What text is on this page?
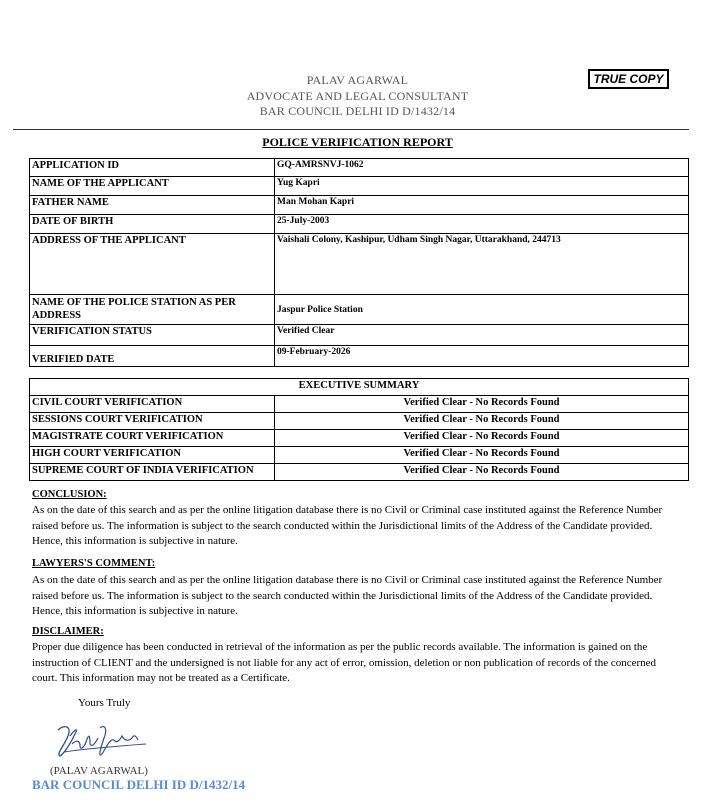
PALAV AGARWAL
ADVOCATE AND LEGAL CONSULTANT
BAR COUNCIL DELHI ID D/1432/14
TRUE COPY
POLICE VERIFICATION REPORT
APPLICATION ID	GQ-AMRSNVJ-1062
NAME OF THE APPLICANT	Yug Kapri
FATHER NAME	Man Mohan Kapri
DATE OF BIRTH	25-July-2003
ADDRESS OF THE APPLICANT	Vaishali Colony, Kashipur, Udham Singh Nagar, Uttarakhand, 244713
NAME OF THE POLICE STATION AS PER ADDRESS	Jaspur Police Station
VERIFICATION STATUS	Verified Clear
VERIFIED DATE	09-February-2026
EXECUTIVE SUMMARY	
CIVIL COURT VERIFICATION	Verified Clear - No Records Found
SESSIONS COURT VERIFICATION	Verified Clear - No Records Found
MAGISTRATE COURT VERIFICATION	Verified Clear - No Records Found
HIGH COURT VERIFICATION	Verified Clear - No Records Found
SUPREME COURT OF INDIA VERIFICATION	Verified Clear - No Records Found
CONCLUSION:
As on the date of this search and as per the online litigation database there is no Civil or Criminal case instituted against the Reference Number raised before us. The information is subject to the search conducted within the Jurisdictional limits of the Address of the Candidate provided. Hence, this information is subjective in nature.
LAWYERS'S COMMENT:
As on the date of this search and as per the online litigation database there is no Civil or Criminal case instituted against the Reference Number raised before us. The information is subject to the search conducted within the Jurisdictional limits of the Address of the Candidate provided. Hence, this information is subjective in nature.
DISCLAIMER:
Proper due diligence has been conducted in retrieval of the information as per the public records available. The information is gained on the instruction of CLIENT and the undersigned is not liable for any act of error, omission, deletion or non publication of records of the concerned court. This information may not be treated as a Certificate.
Yours Truly
(PALAV AGARWAL)
BAR COUNCIL DELHI ID D/1432/14
